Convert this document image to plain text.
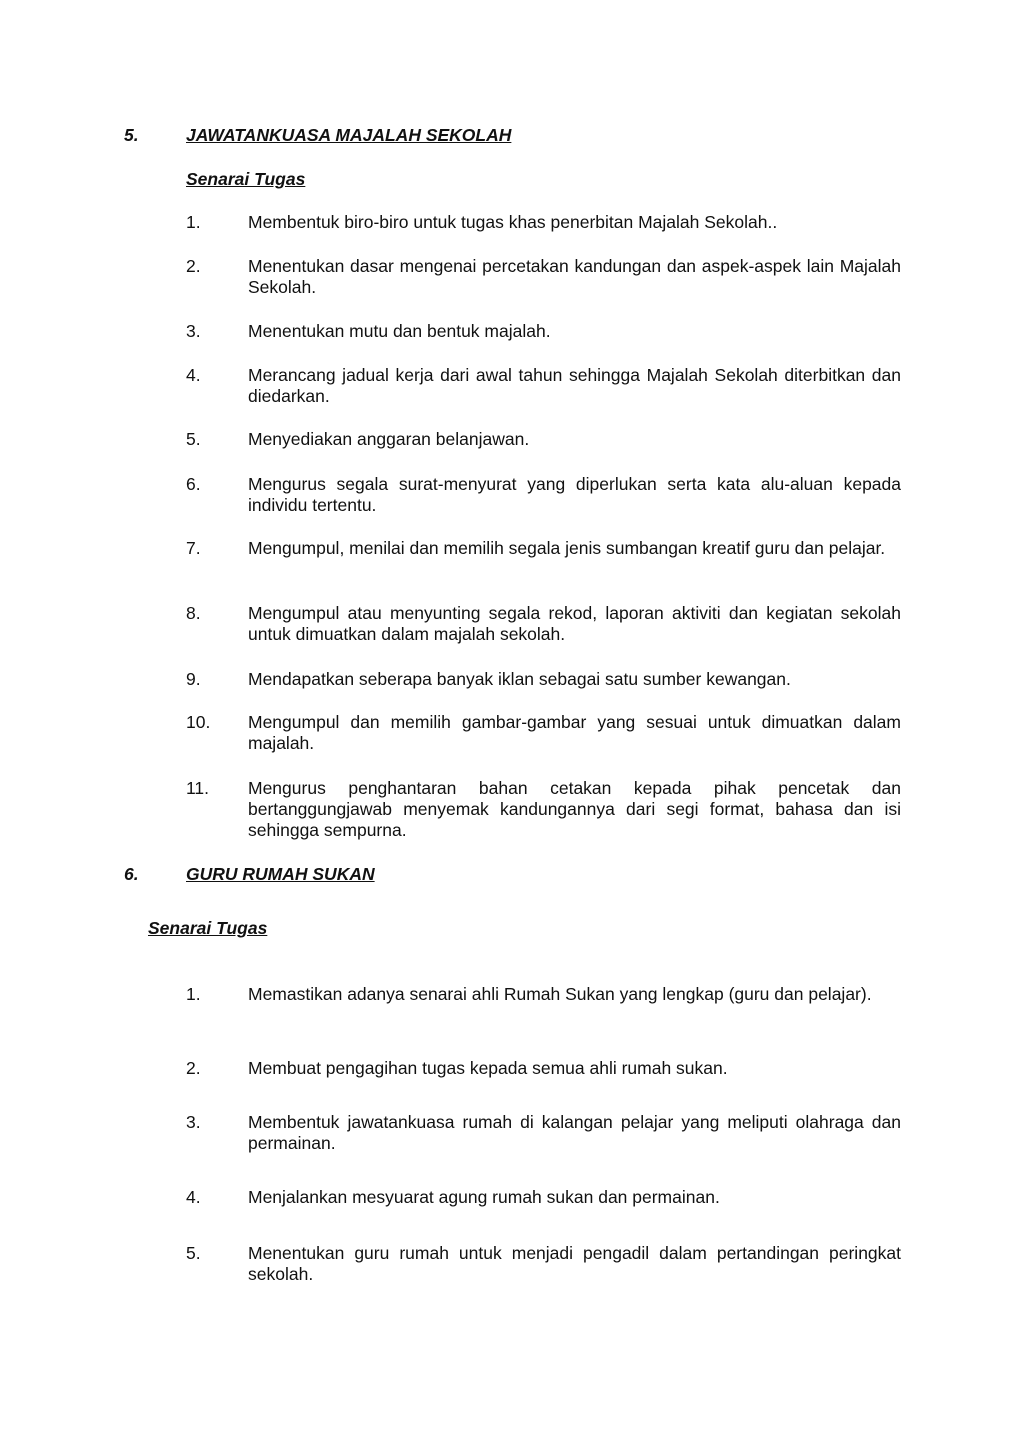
5.	JAWATANKUASA MAJALAH SEKOLAH
Senarai Tugas
1.	Membentuk biro-biro untuk tugas khas penerbitan Majalah Sekolah..
2.	Menentukan dasar mengenai percetakan kandungan dan aspek-aspek lain Majalah Sekolah.
3.	Menentukan mutu dan bentuk majalah.
4.	Merancang jadual kerja dari awal tahun sehingga Majalah Sekolah diterbitkan dan diedarkan.
5.	Menyediakan anggaran belanjawan.
6.	Mengurus segala surat-menyurat yang diperlukan serta kata alu-aluan kepada individu tertentu.
7.	Mengumpul, menilai dan memilih segala jenis sumbangan kreatif guru dan pelajar.
8.	Mengumpul atau menyunting segala rekod, laporan aktiviti dan kegiatan sekolah untuk dimuatkan dalam majalah sekolah.
9.	Mendapatkan seberapa banyak iklan sebagai satu sumber kewangan.
10.	Mengumpul dan memilih gambar-gambar yang sesuai untuk dimuatkan dalam majalah.
11.	Mengurus penghantaran bahan cetakan kepada pihak pencetak dan bertanggungjawab menyemak kandungannya dari segi format, bahasa dan isi sehingga sempurna.
6.	GURU RUMAH SUKAN
Senarai Tugas
1.	Memastikan adanya senarai ahli Rumah Sukan yang lengkap (guru dan pelajar).
2.	Membuat pengagihan tugas kepada semua ahli rumah sukan.
3.	Membentuk jawatankuasa rumah di kalangan pelajar yang meliputi olahraga dan permainan.
4.	Menjalankan mesyuarat agung rumah sukan dan permainan.
5.	Menentukan guru rumah untuk menjadi pengadil dalam pertandingan peringkat sekolah.
